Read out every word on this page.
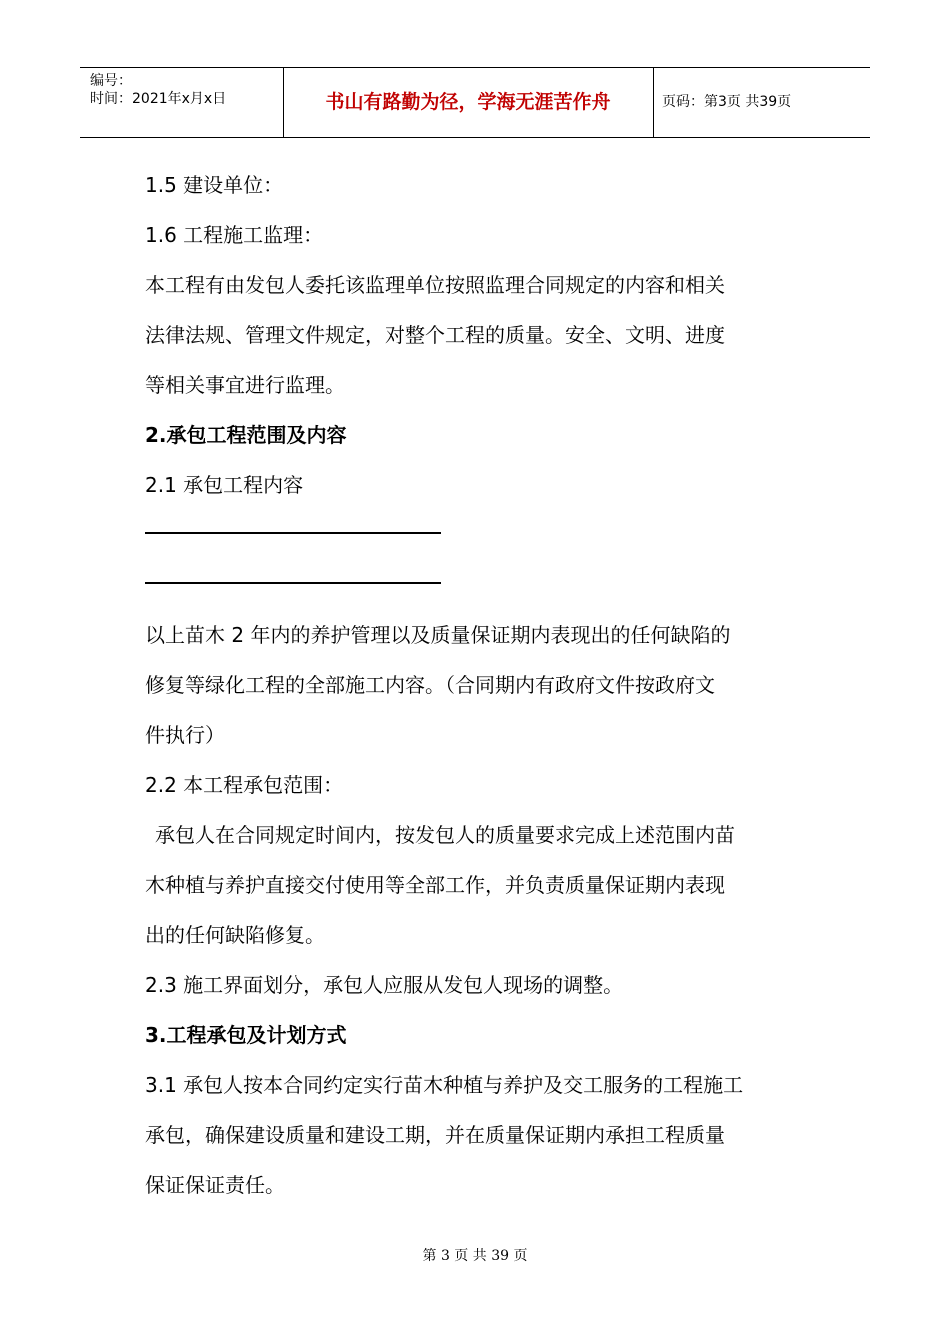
编号：
时间：2021年x月x日	书山有路勤为径，学海无涯苦作舟	页码：第3页 共39页

1.5 建设单位：

1.6 工程施工监理：

本工程有由发包人委托该监理单位按照监理合同规定的内容和相关

法律法规、管理文件规定，对整个工程的质量。安全、文明、进度

等相关事宜进行监理。

2.承包工程范围及内容

2.1 承包工程内容

以上苗木 2 年内的养护管理以及质量保证期内表现出的任何缺陷的

修复等绿化工程的全部施工内容。（合同期内有政府文件按政府文

件执行）

2.2 本工程承包范围：

承包人在合同规定时间内，按发包人的质量要求完成上述范围内苗

木种植与养护直接交付使用等全部工作，并负责质量保证期内表现

出的任何缺陷修复。

2.3 施工界面划分，承包人应服从发包人现场的调整。

3.工程承包及计划方式

3.1 承包人按本合同约定实行苗木种植与养护及交工服务的工程施工

承包，确保建设质量和建设工期，并在质量保证期内承担工程质量

保证保证责任。

第 3 页 共 39 页
